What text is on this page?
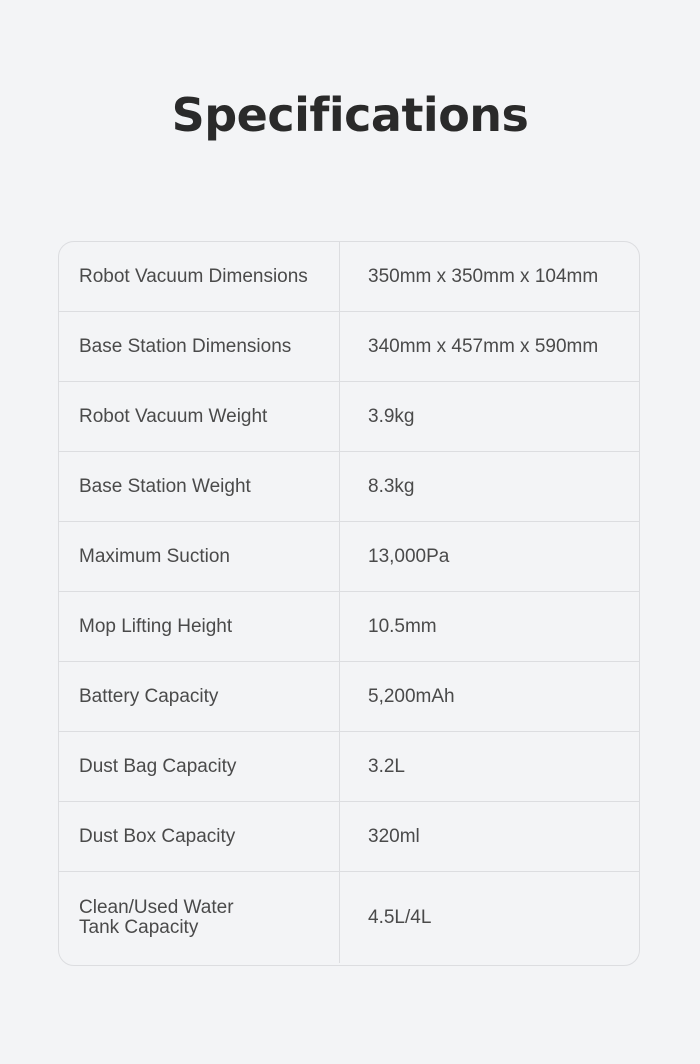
Specifications
Robot Vacuum Dimensions	350mm x 350mm x 104mm
Base Station Dimensions	340mm x 457mm x 590mm
Robot Vacuum Weight	3.9kg
Base Station Weight	8.3kg
Maximum Suction	13,000Pa
Mop Lifting Height	10.5mm
Battery Capacity	5,200mAh
Dust Bag Capacity	3.2L
Dust Box Capacity	320ml
Clean/Used Water
Tank Capacity	4.5L/4L
